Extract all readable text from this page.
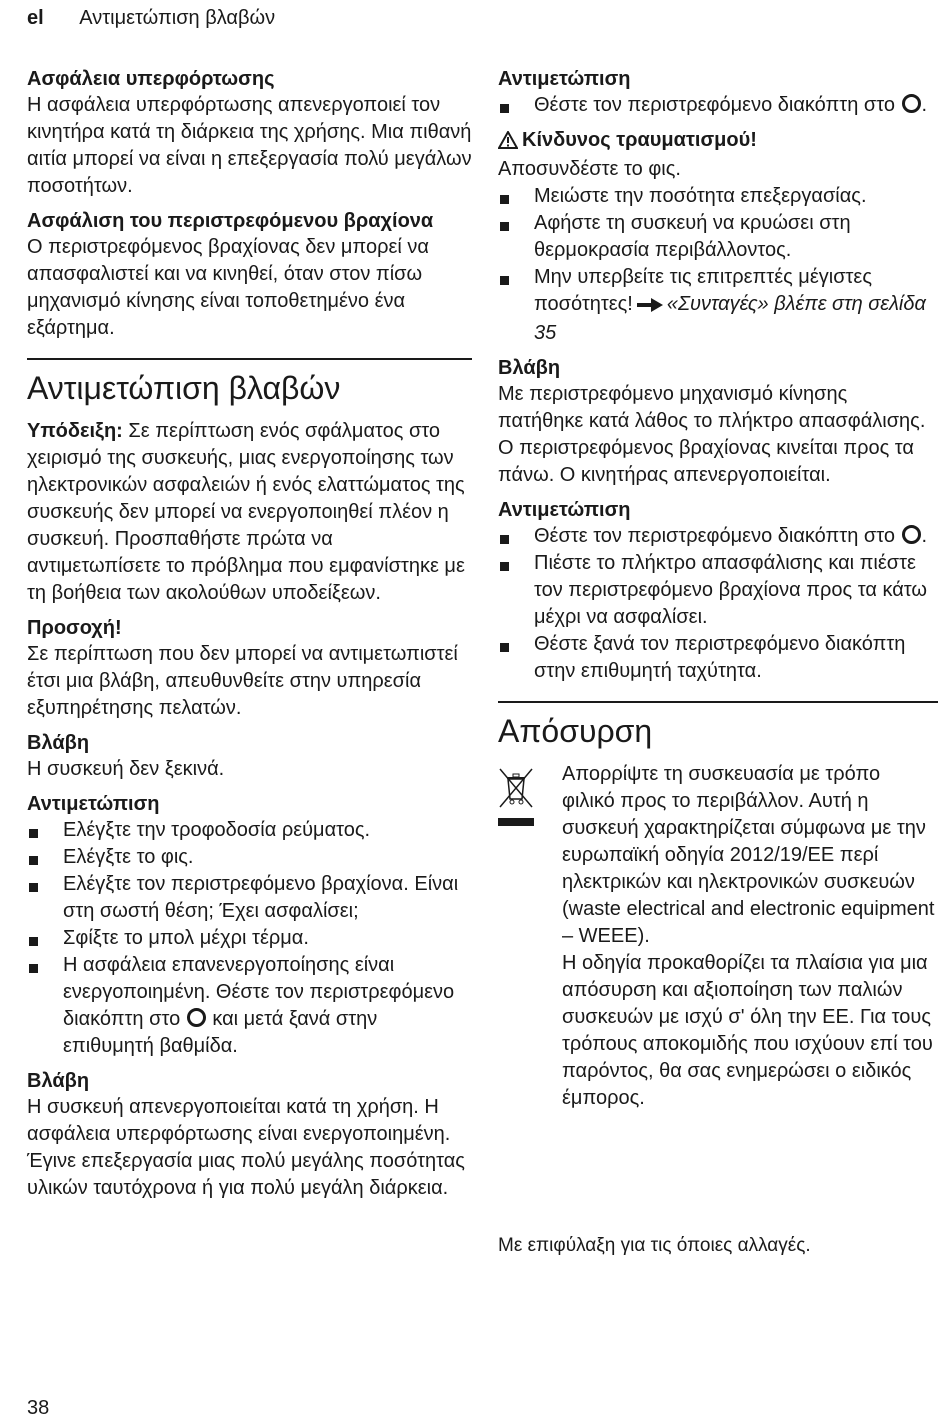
el Αντιμετώπιση βλαβών

Ασφάλεια υπερφόρτωσης

Η ασφάλεια υπερφόρτωσης απενεργοποιεί τον κινητήρα κατά τη διάρκεια της χρήσης. Μια πιθανή αιτία μπορεί να είναι η επεξεργασία πολύ μεγάλων ποσοτήτων.

Ασφάλιση του περιστρεφόμενου βραχίονα

Ο περιστρεφόμενος βραχίονας δεν μπορεί να απασφαλιστεί και να κινηθεί, όταν στον πίσω μηχανισμό κίνησης είναι τοποθετημένο ένα εξάρτημα.

Αντιμετώπιση βλαβών

Υπόδειξη: Σε περίπτωση ενός σφάλματος στο χειρισμό της συσκευής, μιας ενεργοποίησης των ηλεκτρονικών ασφαλειών ή ενός ελαττώματος της συσκευής δεν μπορεί να ενεργοποιηθεί πλέον η συσκευή. Προσπαθήστε πρώτα να αντιμετωπίσετε το πρόβλημα που εμφανίστηκε με τη βοήθεια των ακολούθων υποδείξεων.

Προσοχή!

Σε περίπτωση που δεν μπορεί να αντιμετωπιστεί έτσι μια βλάβη, απευθυνθείτε στην υπηρεσία εξυπηρέτησης πελατών.

Βλάβη

Η συσκευή δεν ξεκινά.

Αντιμετώπιση

Ελέγξτε την τροφοδοσία ρεύματος.
Ελέγξτε το φις.
Ελέγξτε τον περιστρεφόμενο βραχίονα. Είναι στη σωστή θέση; Έχει ασφαλίσει;
Σφίξτε το μπολ μέχρι τέρμα.
Η ασφάλεια επανενεργοποίησης είναι ενεργοποιημένη. Θέστε τον περιστρεφόμενο διακόπτη στο  και μετά ξανά στην επιθυμητή βαθμίδα.

Βλάβη

Η συσκευή απενεργοποιείται κατά τη χρήση. Η ασφάλεια υπερφόρτωσης είναι ενεργοποιημένη. Έγινε επεξεργασία μιας πολύ μεγάλης ποσότητας υλικών ταυτόχρονα ή για πολύ μεγάλη διάρκεια.

Αντιμετώπιση

Θέστε τον περιστρεφόμενο διακόπτη στο .

Κίνδυνος τραυματισμού!

Αποσυνδέστε το φις.

Μειώστε την ποσότητα επεξεργασίας.
Αφήστε τη συσκευή να κρυώσει στη θερμοκρασία περιβάλλοντος.
Μην υπερβείτε τις επιτρεπτές μέγιστες ποσότητες! «Συνταγές» βλέπε στη σελίδα 35

Βλάβη

Με περιστρεφόμενο μηχανισμό κίνησης πατήθηκε κατά λάθος το πλήκτρο απασφάλισης. Ο περιστρεφόμενος βραχίονας κινείται προς τα πάνω. Ο κινητήρας απενεργοποιείται.

Αντιμετώπιση

Θέστε τον περιστρεφόμενο διακόπτη στο .
Πιέστε το πλήκτρο απασφάλισης και πιέστε τον περιστρεφόμενο βραχίονα προς τα κάτω μέχρι να ασφαλίσει.
Θέστε ξανά τον περιστρεφόμενο διακόπτη στην επιθυμητή ταχύτητα.
Απόσυρση

Απορρίψτε τη συσκευασία με τρόπο φιλικό προς το περιβάλλον. Αυτή η συσκευή χαρακτηρίζεται σύμφωνα με την ευρωπαϊκή οδηγία 2012/19/ΕΕ περί ηλεκτρικών και ηλεκτρονικών συσκευών (waste electrical and electronic equipment – WEEE).

Η οδηγία προκαθορίζει τα πλαίσια για μια απόσυρση και αξιοποίηση των παλιών συσκευών με ισχύ σ' όλη την ΕΕ. Για τους τρόπους αποκομιδής που ισχύουν επί του παρόντος, θα σας ενημερώσει ο ειδικός έμπορος.

Με επιφύλαξη για τις όποιες αλλαγές.
38
